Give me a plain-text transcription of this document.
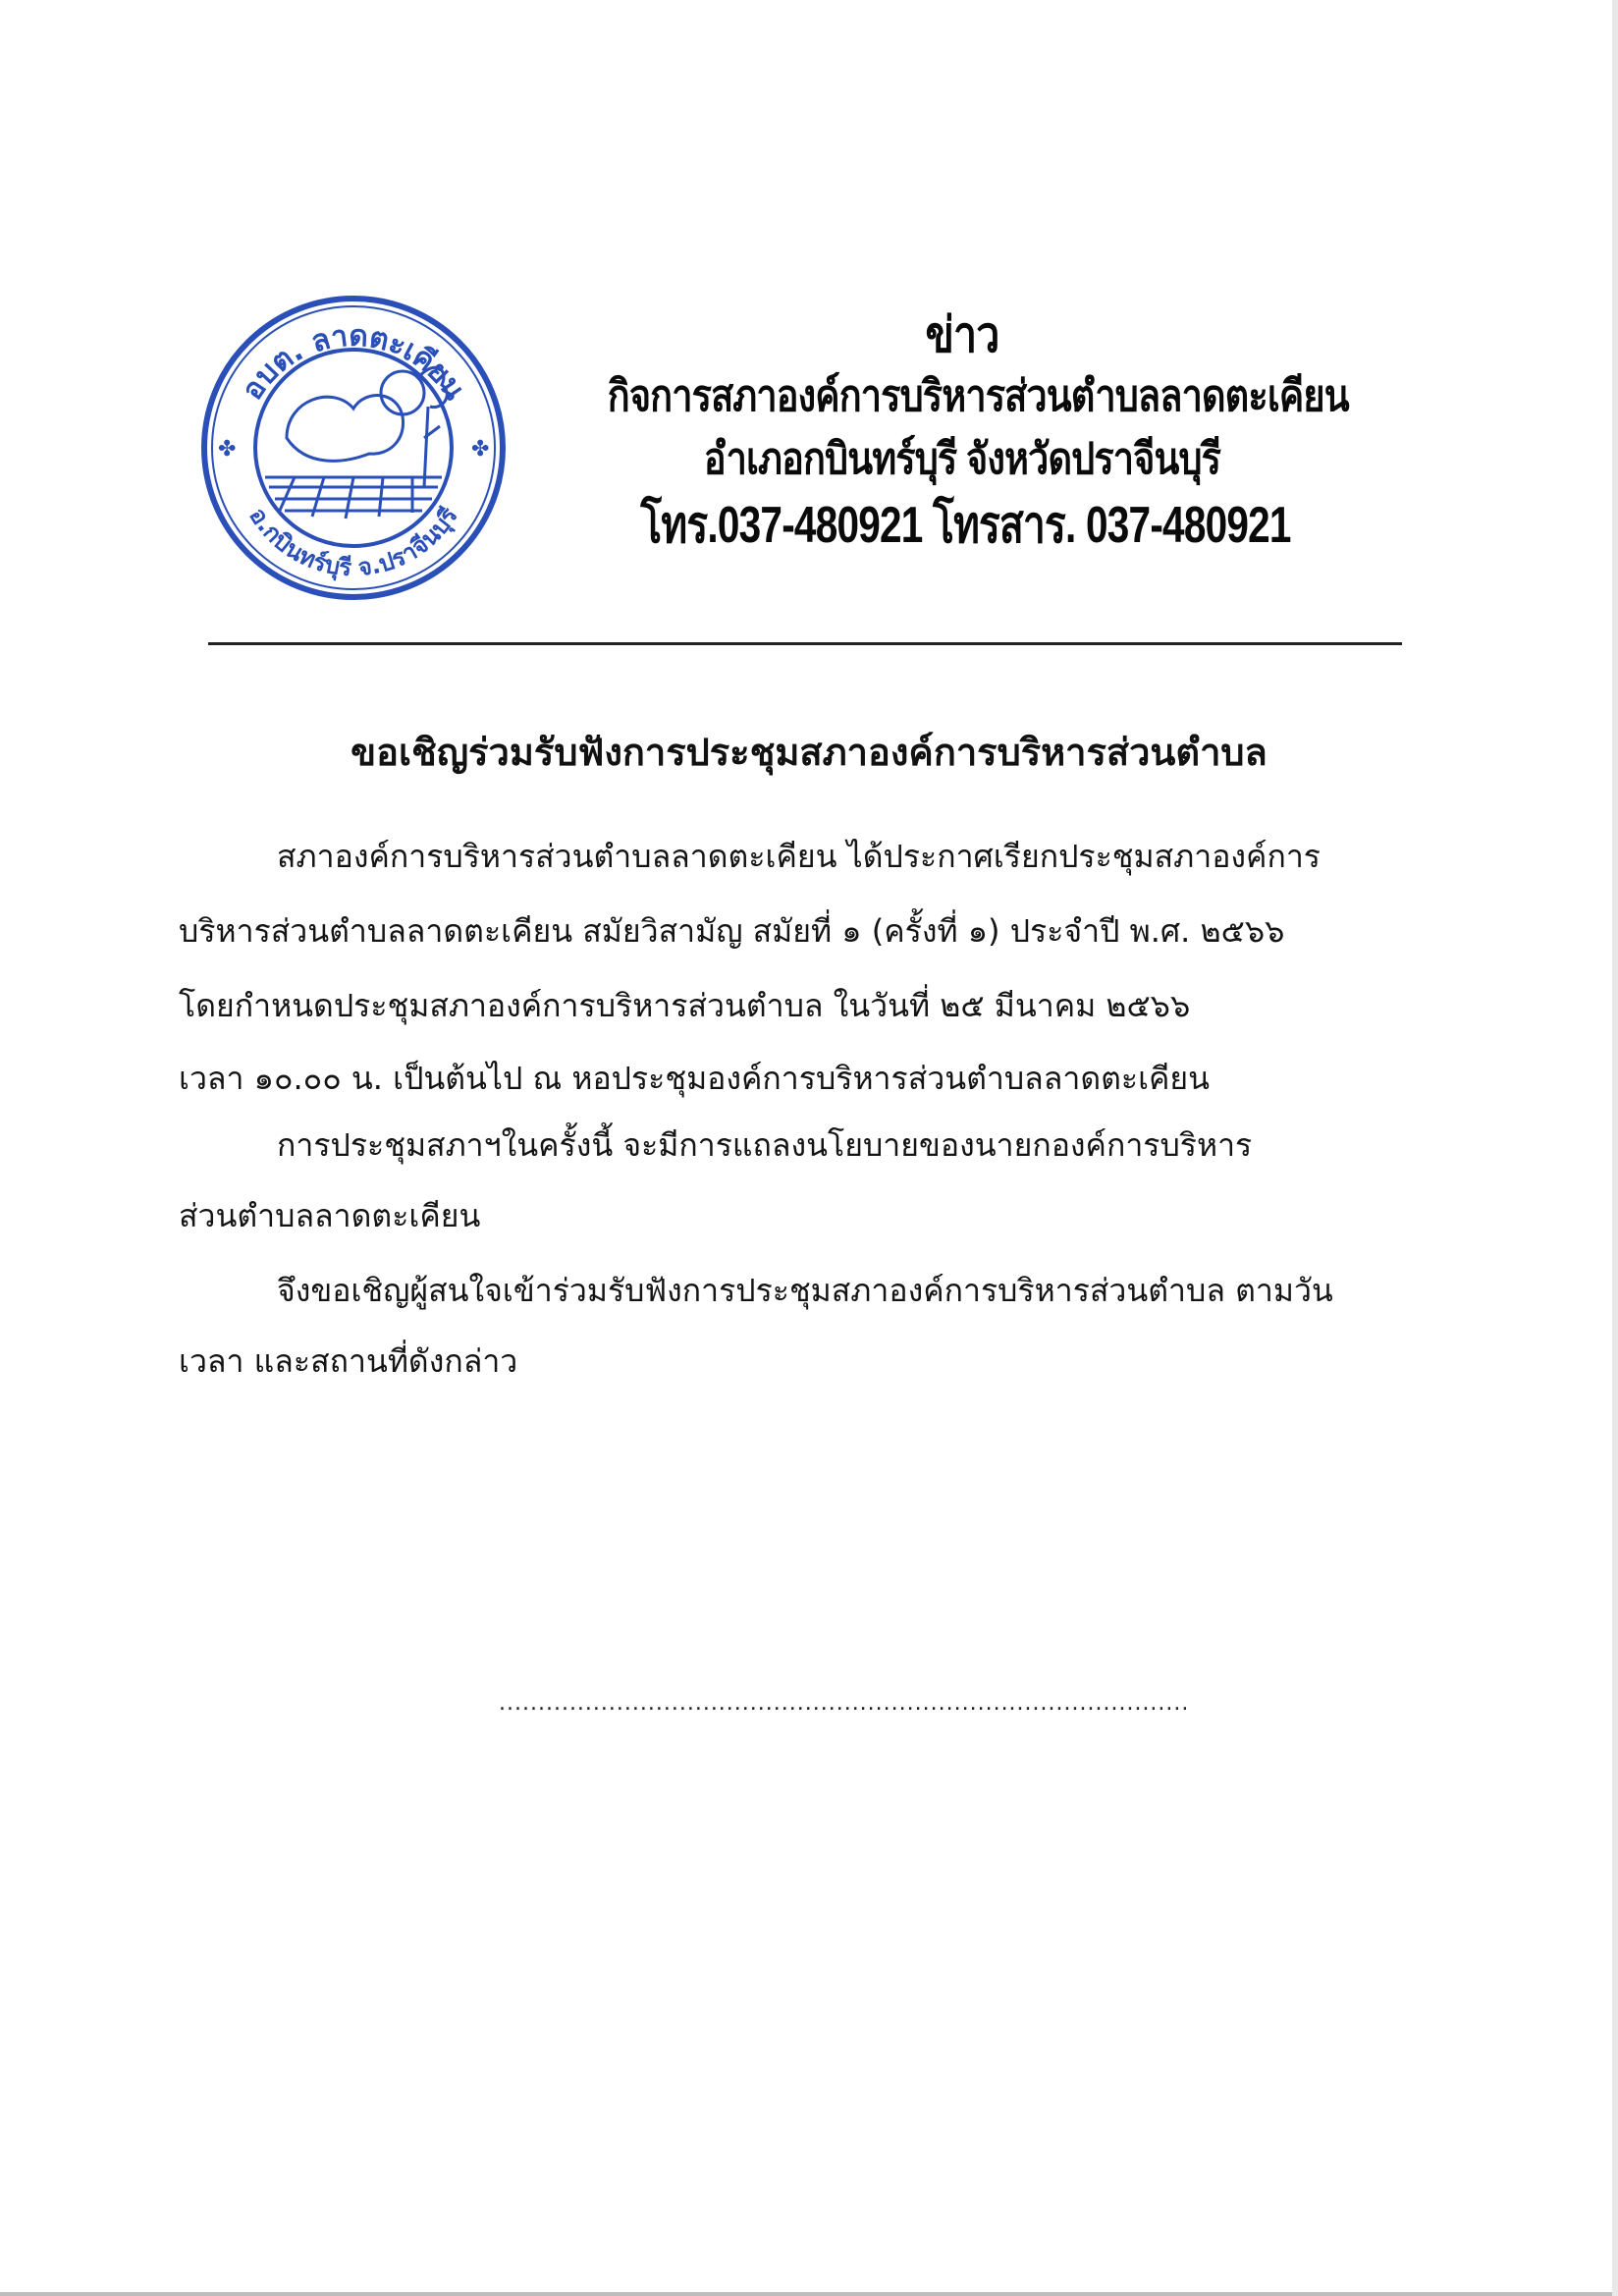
อบต. ลาดตะเคียน
อ.กบินทร์บุรี จ.ปราจีนบุรี
✤	✤
ข่าว
กิจการสภาองค์การบริหารส่วนตำบลลาดตะเคียน
อำเภอกบินทร์บุรี จังหวัดปราจีนบุรี
โทร.037-480921 โทรสาร. 037-480921
ขอเชิญร่วมรับฟังการประชุมสภาองค์การบริหารส่วนตำบล
สภาองค์การบริหารส่วนตำบลลาดตะเคียน ได้ประกาศเรียกประชุมสภาองค์การ
บริหารส่วนตำบลลาดตะเคียน สมัยวิสามัญ สมัยที่ ๑ (ครั้งที่ ๑) ประจำปี พ.ศ. ๒๕๖๖
โดยกำหนดประชุมสภาองค์การบริหารส่วนตำบล ในวันที่ ๒๕ มีนาคม ๒๕๖๖
เวลา ๑๐.๐๐ น. เป็นต้นไป ณ หอประชุมองค์การบริหารส่วนตำบลลาดตะเคียน
การประชุมสภาฯในครั้งนี้ จะมีการแถลงนโยบายของนายกองค์การบริหาร
ส่วนตำบลลาดตะเคียน
จึงขอเชิญผู้สนใจเข้าร่วมรับฟังการประชุมสภาองค์การบริหารส่วนตำบล ตามวัน
เวลา และสถานที่ดังกล่าว
........................................................................................
